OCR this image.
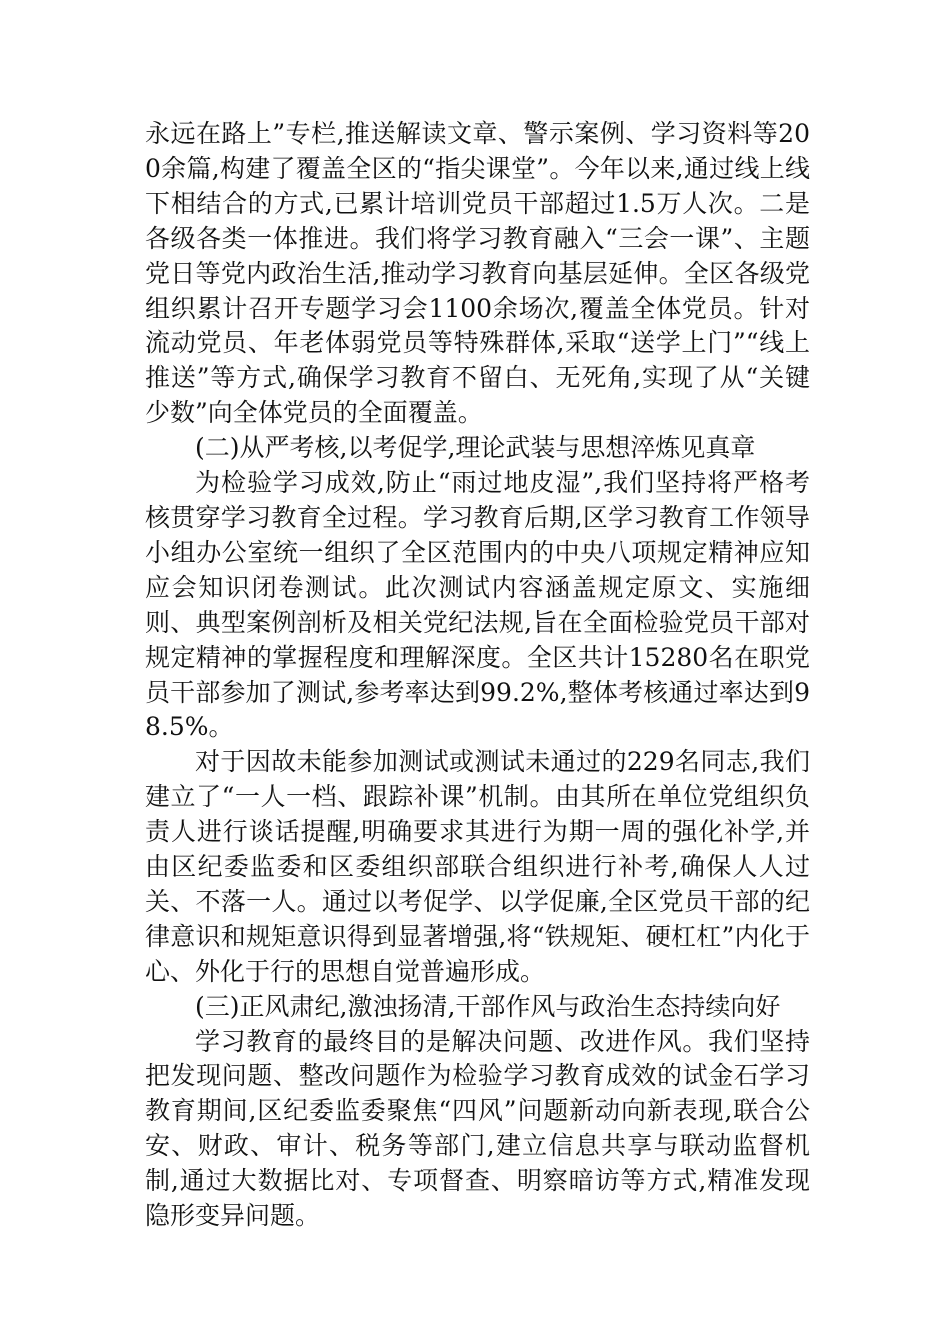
永远在路上”专栏,推送解读文章、警示案例、学习资料等200余篇,构建了覆盖全区的“指尖课堂”。今年以来,通过线上线下相结合的方式,已累计培训党员干部超过1.5万人次。二是各级各类一体推进。我们将学习教育融入“三会一课”、主题党日等党内政治生活,推动学习教育向基层延伸。全区各级党组织累计召开专题学习会1100余场次,覆盖全体党员。针对流动党员、年老体弱党员等特殊群体,采取“送学上门”“线上推送”等方式,确保学习教育不留白、无死角,实现了从“关键少数”向全体党员的全面覆盖。

(二)从严考核,以考促学,理论武装与思想淬炼见真章

为检验学习成效,防止“雨过地皮湿”,我们坚持将严格考核贯穿学习教育全过程。学习教育后期,区学习教育工作领导小组办公室统一组织了全区范围内的中央八项规定精神应知应会知识闭卷测试。此次测试内容涵盖规定原文、实施细则、典型案例剖析及相关党纪法规,旨在全面检验党员干部对规定精神的掌握程度和理解深度。全区共计15280名在职党员干部参加了测试,参考率达到99.2%,整体考核通过率达到98.5%。

对于因故未能参加测试或测试未通过的229名同志,我们建立了“一人一档、跟踪补课”机制。由其所在单位党组织负责人进行谈话提醒,明确要求其进行为期一周的强化补学,并由区纪委监委和区委组织部联合组织进行补考,确保人人过关、不落一人。通过以考促学、以学促廉,全区党员干部的纪律意识和规矩意识得到显著增强,将“铁规矩、硬杠杠”内化于心、外化于行的思想自觉普遍形成。

(三)正风肃纪,激浊扬清,干部作风与政治生态持续向好

学习教育的最终目的是解决问题、改进作风。我们坚持把发现问题、整改问题作为检验学习教育成效的试金石学习教育期间,区纪委监委聚焦“四风”问题新动向新表现,联合公安、财政、审计、税务等部门,建立信息共享与联动监督机制,通过大数据比对、专项督查、明察暗访等方式,精准发现隐形变异问题。
